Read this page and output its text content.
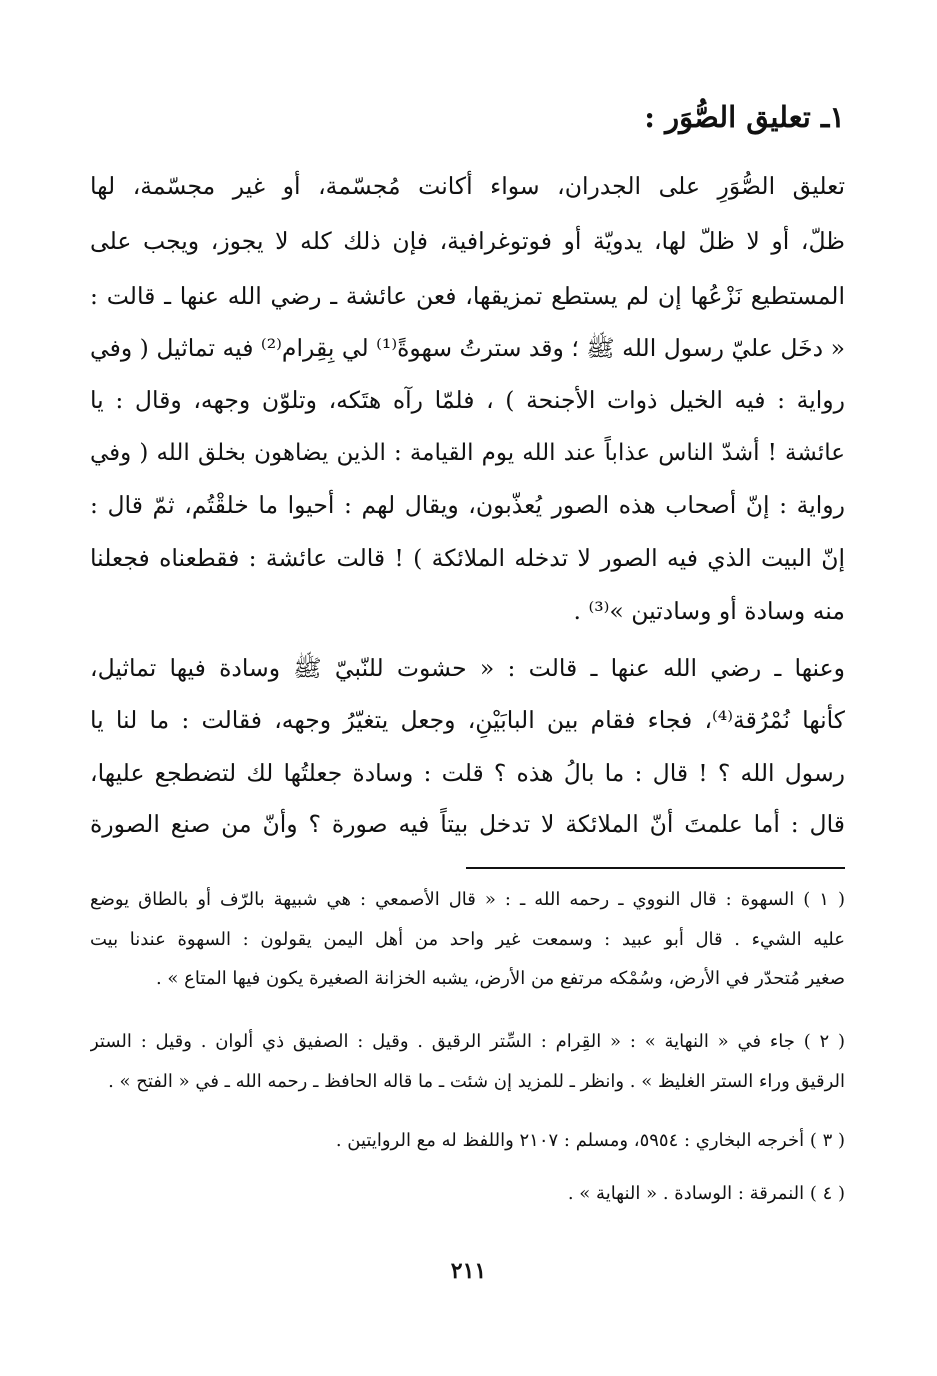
١ـ تعليق الصُّوَر :
تعليق الصُّوَرِ على الجدران، سواء أكانت مُجسّمة، أو غير مجسّمة، لها
ظلّ، أو لا ظلّ لها، يدويّة أو فوتوغرافية، فإن ذلك كله لا يجوز، ويجب على
المستطيع نَزْعُها إن لم يستطع تمزيقها، فعن عائشة ـ رضي الله عنها ـ قالت :
« دخَل عليّ رسول الله ﷺ ؛ وقد سترتُ سهوةً⁽¹⁾ لي بِقِرام⁽²⁾ فيه تماثيل ( وفي
رواية : فيه الخيل ذوات الأجنحة ) ، فلمّا رآه هتَكه، وتلوّن وجهه، وقال : يا
عائشة ! أشدّ الناس عذاباً عند الله يوم القيامة : الذين يضاهون بخلق الله ( وفي
رواية : إنّ أصحاب هذه الصور يُعذّبون، ويقال لهم : أحيوا ما خلقْتُم، ثمّ قال :
إنّ البيت الذي فيه الصور لا تدخله الملائكة ) ! قالت عائشة : فقطعناه فجعلنا
منه وسادة أو وسادتين »⁽³⁾ .
وعنها ـ رضي الله عنها ـ قالت : « حشوت للنّبيّ ﷺ وسادة فيها تماثيل،
كأنها نُمْرُقة⁽⁴⁾، فجاء فقام بين البابَيْنِ، وجعل يتغيّرُ وجهه، فقالت : ما لنا يا
رسول الله ؟ ! قال : ما بالُ هذه ؟ قلت : وسادة جعلتُها لك لتضطجع عليها،
قال : أما علمتَ أنّ الملائكة لا تدخل بيتاً فيه صورة ؟ وأنّ من صنع الصورة
( ١ ) السهوة : قال النووي ـ رحمه الله ـ : « قال الأصمعي : هي شبيهة بالرّف أو بالطاق يوضع
عليه الشيء . قال أبو عبيد : وسمعت غير واحد من أهل اليمن يقولون : السهوة عندنا بيت
صغير مُتحدّر في الأرض، وسُمْكه مرتفع من الأرض، يشبه الخزانة الصغيرة يكون فيها المتاع » .
( ٢ ) جاء في « النهاية » : « القِرام : السِّتر الرقيق . وقيل : الصفيق ذي ألوان . وقيل : الستر
الرقيق وراء الستر الغليظ » . وانظر ـ للمزيد إن شئت ـ ما قاله الحافظ ـ رحمه الله ـ في « الفتح » .
( ٣ ) أخرجه البخاري : ٥٩٥٤، ومسلم : ٢١٠٧ واللفظ له مع الروايتين .
( ٤ ) النمرقة : الوسادة . « النهاية » .
٢١١
